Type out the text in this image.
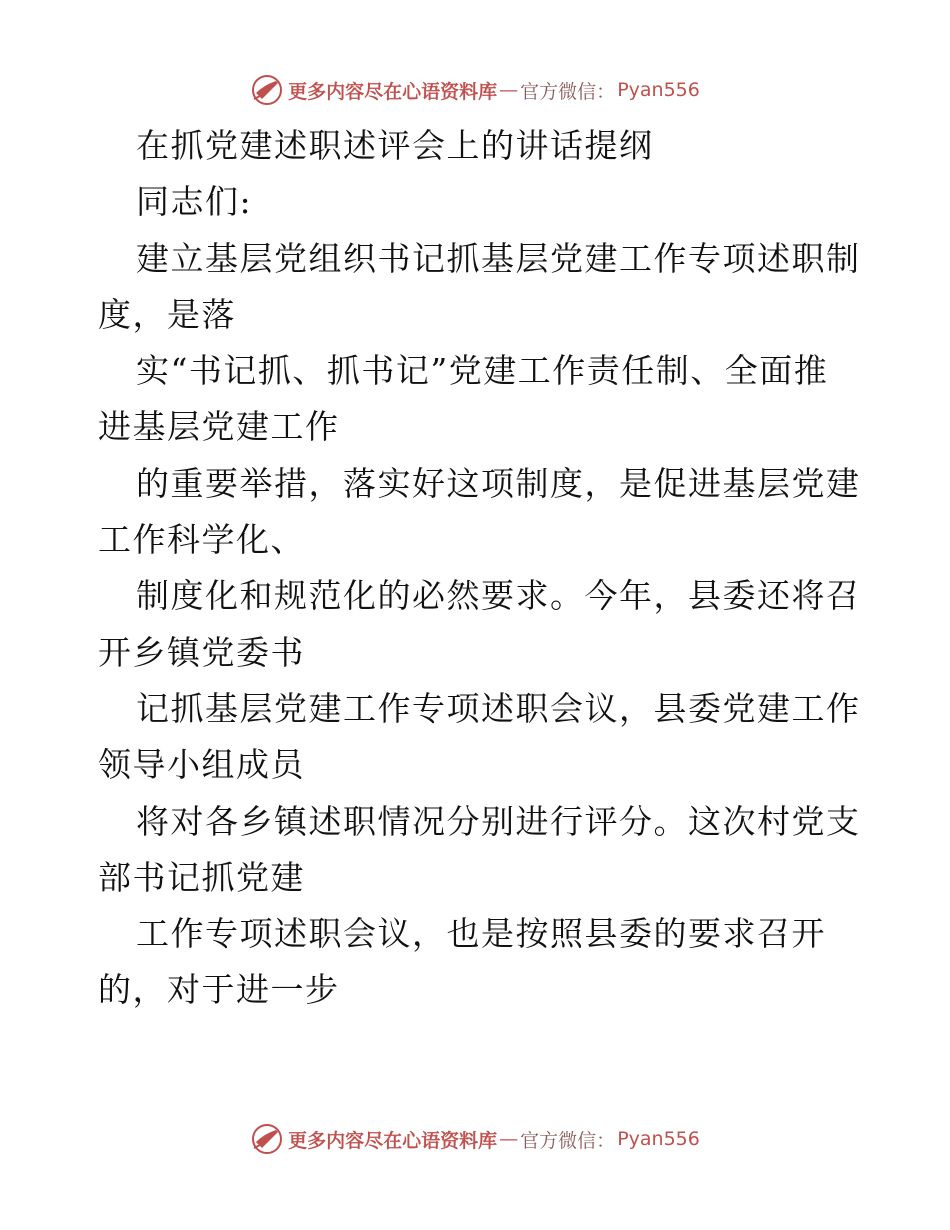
更多内容尽在心语资料库 — 官方微信： Pyan556
在抓党建述职述评会上的讲话提纲
同志们:
建立基层党组织书记抓基层党建工作专项述职制
度，是落
实“书记抓、抓书记”党建工作责任制、全面推
进基层党建工作
的重要举措，落实好这项制度，是促进基层党建
工作科学化、
制度化和规范化的必然要求。今年，县委还将召
开乡镇党委书
记抓基层党建工作专项述职会议，县委党建工作
领导小组成员
将对各乡镇述职情况分别进行评分。这次村党支
部书记抓党建
工作专项述职会议，也是按照县委的要求召开
的，对于进一步
更多内容尽在心语资料库 — 官方微信： Pyan556
